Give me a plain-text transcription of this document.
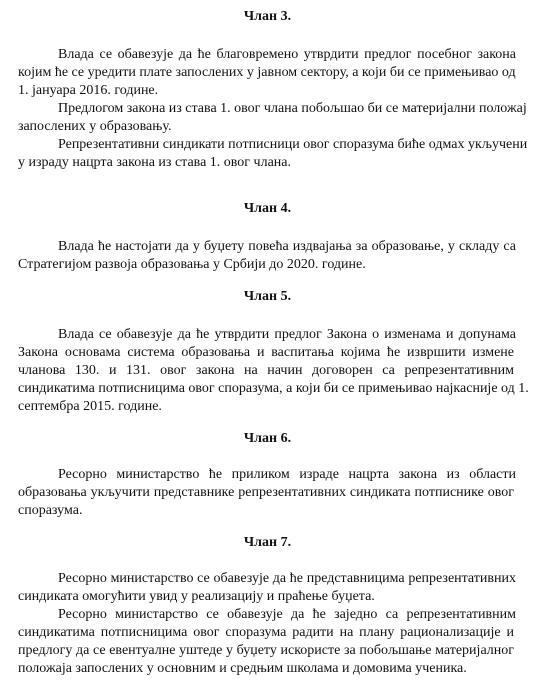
Члан 3.
Влада се обавезује да ће благовремено утврдити предлог посебног закона
којим ће се уредити плате запослених у јавном сектору, а који би се примењивао од
1. јануара 2016. године.
Предлогом закона из става 1. овог члана побољшао би се материјални положај
запослених у образовању.
Репрезентативни синдикати потписници овог споразума биће одмах укључени
у израду нацрта закона из става 1. овог члана.
Члан 4.
Влада ће настојати да у буџету повећа издвајања за образовање, у складу са
Стратегијом развоја образовања у Србији до 2020. године.
Члан 5.
Влада се обавезује да ће утврдити предлог Закона о изменама и допунама
Закона основама система образовања и васпитања којима ће извршити измене
чланова 130. и 131. овог закона на начин договорен са репрезентативним
синдикатима потписницима овог споразума, а који би се примењивао најкасније од 1.
септембра 2015. године.
Члан 6.
Ресорно министарство ће приликом израде нацрта закона из области
образовања укључити представнике репрезентативних синдиката потписнике овог
споразума.
Члан 7.
Ресорно министарство се обавезује да ће представницима репрезентативних
синдиката омогућити увид у реализацију и праћење буџета.
Ресорно министарство се обавезује да ће заједно са репрезентативним
синдикатима потписницима овог споразума радити на плану рационализације и
предлогу да се евентуалне уштеде у буџету искористе за побољшање материјалног
положаја запослених у основним и средњим школама и домовима ученика.
